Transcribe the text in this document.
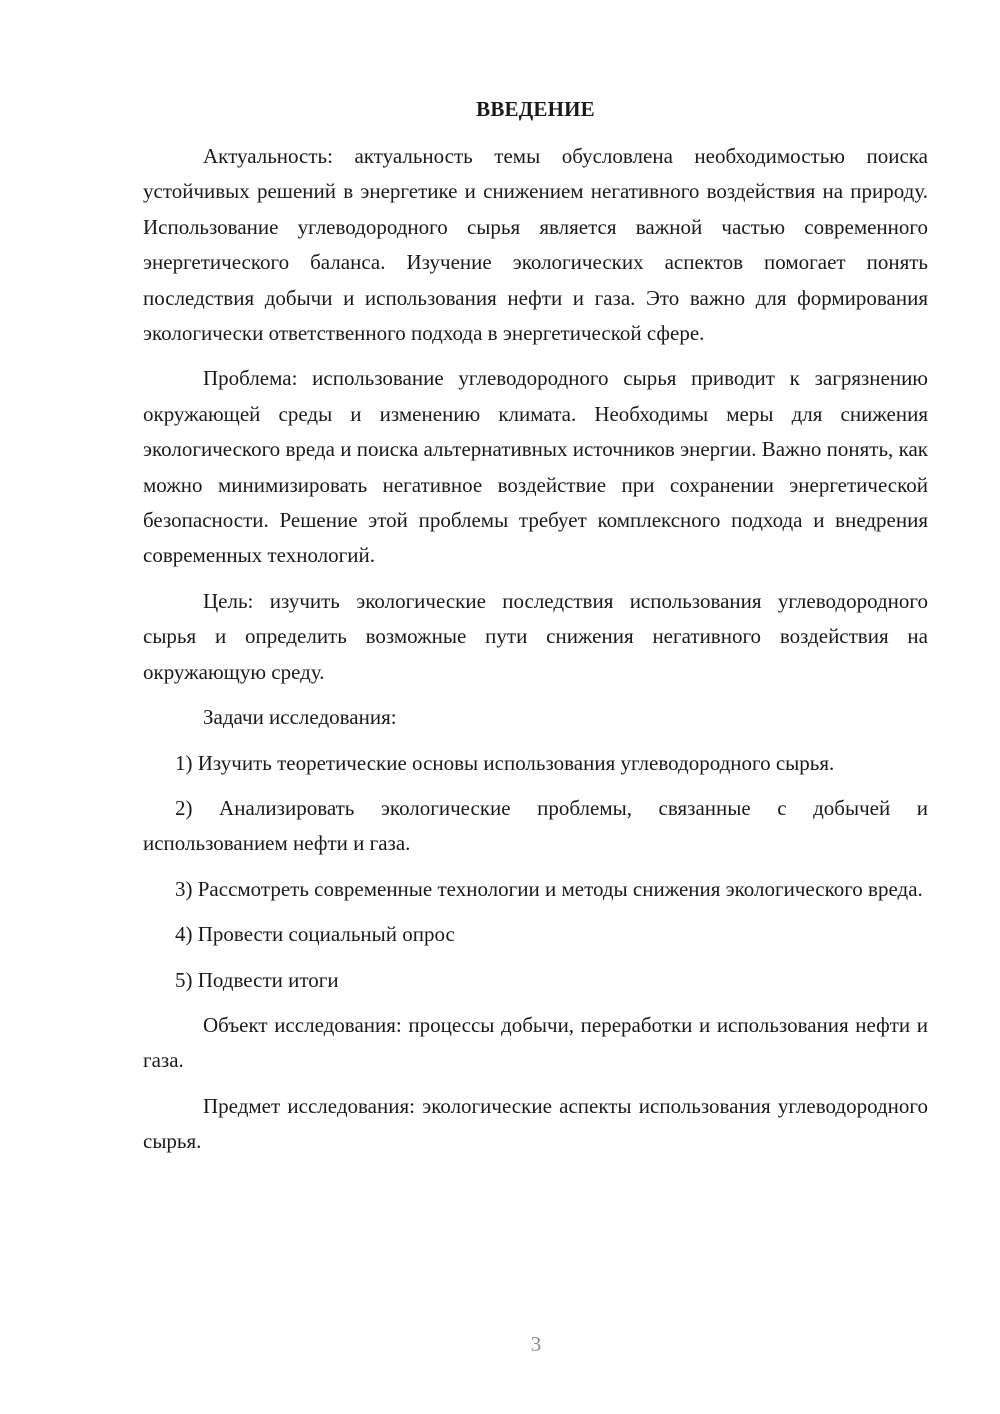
ВВЕДЕНИЕ

Актуальность: актуальность темы обусловлена необходимостью поиска устойчивых решений в энергетике и снижением негативного воздействия на природу. Использование углеводородного сырья является важной частью современного энергетического баланса. Изучение экологических аспектов помогает понять последствия добычи и использования нефти и газа. Это важно для формирования экологически ответственного подхода в энергетической сфере.

Проблема: использование углеводородного сырья приводит к загрязнению окружающей среды и изменению климата. Необходимы меры для снижения экологического вреда и поиска альтернативных источников энергии. Важно понять, как можно минимизировать негативное воздействие при сохранении энергетической безопасности. Решение этой проблемы требует комплексного подхода и внедрения современных технологий.

Цель: изучить экологические последствия использования углеводородного сырья и определить возможные пути снижения негативного воздействия на окружающую среду.

Задачи исследования:

1) Изучить теоретические основы использования углеводородного сырья.

2) Анализировать экологические проблемы, связанные с добычей и использованием нефти и газа.

3) Рассмотреть современные технологии и методы снижения экологического вреда.

4) Провести социальный опрос

5) Подвести итоги

Объект исследования: процессы добычи, переработки и использования нефти и газа.

Предмет исследования: экологические аспекты использования углеводородного сырья.

3
